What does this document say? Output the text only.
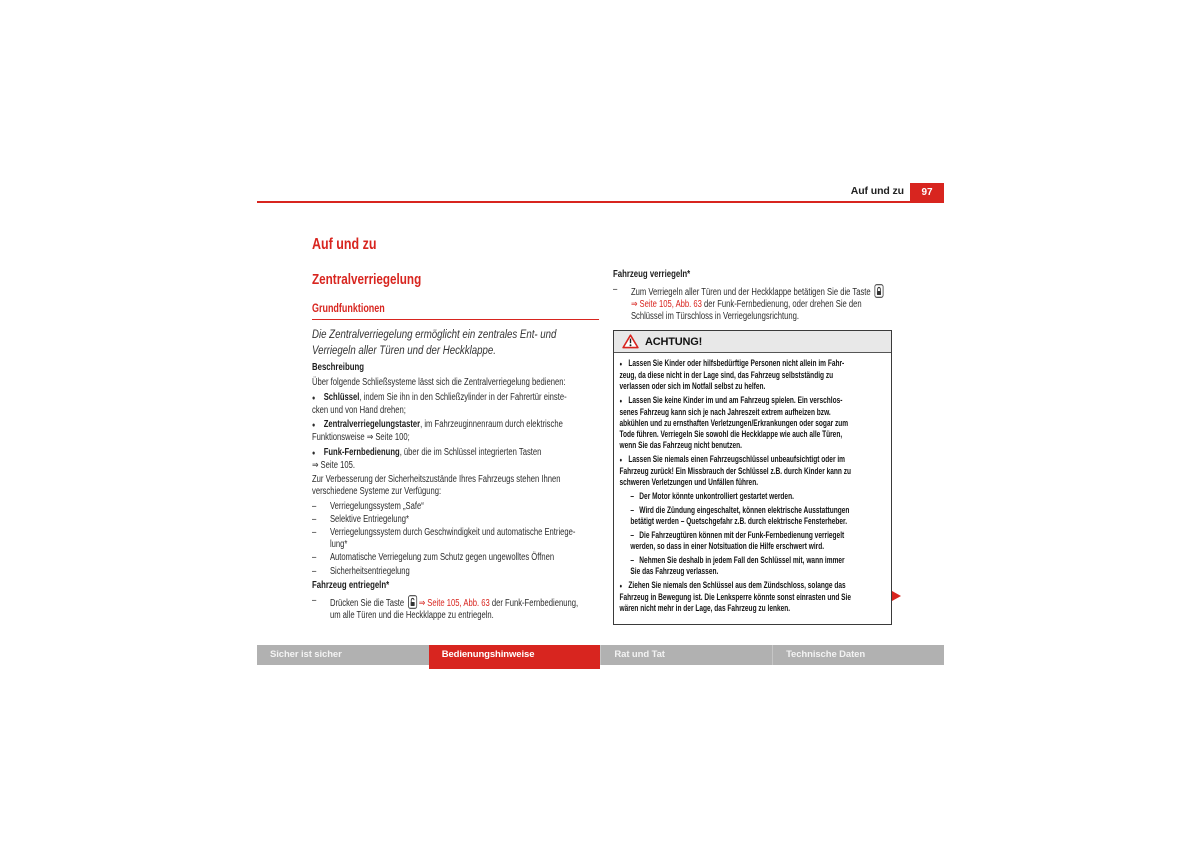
Auf und zu	97
Auf und zu
Zentralverriegelung
Grundfunktionen

Die Zentralverriegelung ermöglicht ein zentrales Ent- und
Verriegeln aller Türen und der Heckklappe.

Beschreibung

Über folgende Schließsysteme lässt sich die Zentralverriegelung bedienen:

● Schlüssel, indem Sie ihn in den Schließzylinder in der Fahrertür einste-
cken und von Hand drehen;

● Zentralverriegelungstaster, im Fahrzeuginnenraum durch elektrische
Funktionsweise ⇒ Seite 100;

● Funk-Fernbedienung, über die im Schlüssel integrierten Tasten
⇒ Seite 105.

Zur Verbesserung der Sicherheitszustände Ihres Fahrzeugs stehen Ihnen
verschiedene Systeme zur Verfügung:

–	Verriegelungssystem „Safe“
–	Selektive Entriegelung*
–	Verriegelungssystem durch Geschwindigkeit und automatische Entriege-
lung*
–	Automatische Verriegelung zum Schutz gegen ungewolltes Öffnen
–	Sicherheitsentriegelung
Fahrzeug entriegeln*
–	Drücken Sie die Taste ⇒ Seite 105, Abb. 63 der Funk-Fernbedienung,
um alle Türen und die Heckklappe zu entriegeln.
Fahrzeug verriegeln*
–	Zum Verriegeln aller Türen und der Heckklappe betätigen Sie die Taste
⇒ Seite 105, Abb. 63 der Funk-Fernbedienung, oder drehen Sie den
Schlüssel im Türschloss in Verriegelungsrichtung.
ACHTUNG!

● Lassen Sie Kinder oder hilfsbedürftige Personen nicht allein im Fahr-
zeug, da diese nicht in der Lage sind, das Fahrzeug selbstständig zu
verlassen oder sich im Notfall selbst zu helfen.

● Lassen Sie keine Kinder im und am Fahrzeug spielen. Ein verschlos-
senes Fahrzeug kann sich je nach Jahreszeit extrem aufheizen bzw.
abkühlen und zu ernsthaften Verletzungen/Erkrankungen oder sogar zum
Tode führen. Verriegeln Sie sowohl die Heckklappe wie auch alle Türen,
wenn Sie das Fahrzeug nicht benutzen.

● Lassen Sie niemals einen Fahrzeugschlüssel unbeaufsichtigt oder im
Fahrzeug zurück! Ein Missbrauch der Schlüssel z.B. durch Kinder kann zu
schweren Verletzungen und Unfällen führen.

– Der Motor könnte unkontrolliert gestartet werden.

– Wird die Zündung eingeschaltet, können elektrische Ausstattungen
betätigt werden – Quetschgefahr z.B. durch elektrische Fensterheber.

– Die Fahrzeugtüren können mit der Funk-Fernbedienung verriegelt
werden, so dass in einer Notsituation die Hilfe erschwert wird.

– Nehmen Sie deshalb in jedem Fall den Schlüssel mit, wann immer
Sie das Fahrzeug verlassen.

● Ziehen Sie niemals den Schlüssel aus dem Zündschloss, solange das
Fahrzeug in Bewegung ist. Die Lenksperre könnte sonst einrasten und Sie
wären nicht mehr in der Lage, das Fahrzeug zu lenken.

Sicher ist sicher	Bedienungshinweise	Rat und Tat	Technische Daten
